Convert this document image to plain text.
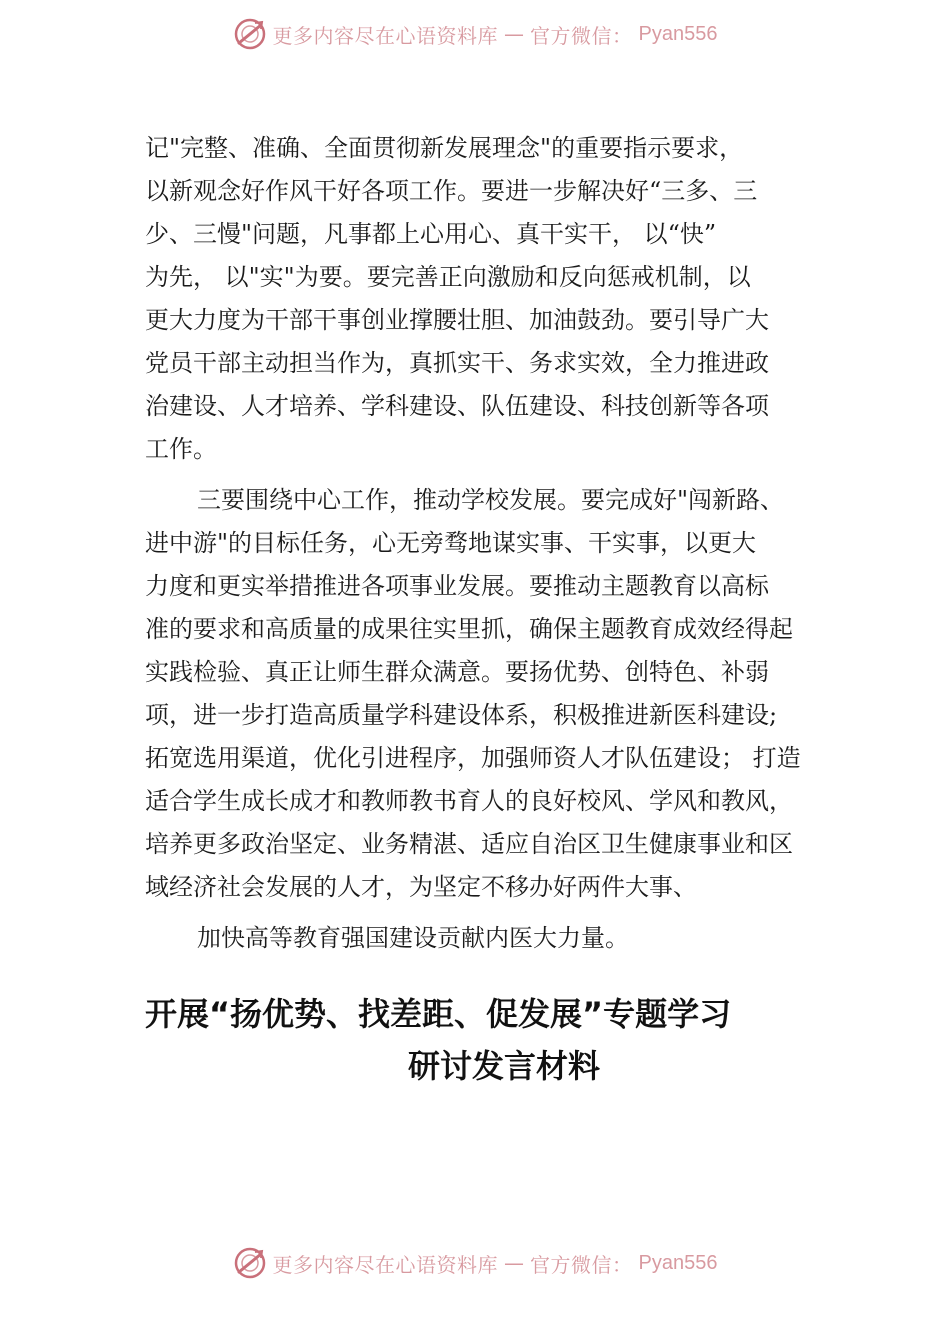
更多内容尽在心语资料库 — 官方微信： Pyan556
记"完整、准确、全面贯彻新发展理念"的重要指示要求，
以新观念好作风干好各项工作。要进一步解决好“三多、三
少、三慢"问题，凡事都上心用心、真干实干， 以“快”
为先， 以"实"为要。要完善正向激励和反向惩戒机制，以
更大力度为干部干事创业撑腰壮胆、加油鼓劲。要引导广大
党员干部主动担当作为，真抓实干、务求实效，全力推进政
治建设、人才培养、学科建设、队伍建设、科技创新等各项
工作。
三要围绕中心工作，推动学校发展。要完成好"闯新路、
进中游"的目标任务，心无旁骛地谋实事、干实事，以更大
力度和更实举措推进各项事业发展。要推动主题教育以高标
准的要求和高质量的成果往实里抓，确保主题教育成效经得起
实践检验、真正让师生群众满意。要扬优势、创特色、补弱
项，进一步打造高质量学科建设体系，积极推进新医科建设;
拓宽选用渠道，优化引进程序，加强师资人才队伍建设； 打造
适合学生成长成才和教师教书育人的良好校风、学风和教风，
培养更多政治坚定、业务精湛、适应自治区卫生健康事业和区
域经济社会发展的人才，为坚定不移办好两件大事、
加快高等教育强国建设贡献内医大力量。
开展“扬优势、找差距、促发展”专题学习
研讨发言材料
更多内容尽在心语资料库 — 官方微信： Pyan556
